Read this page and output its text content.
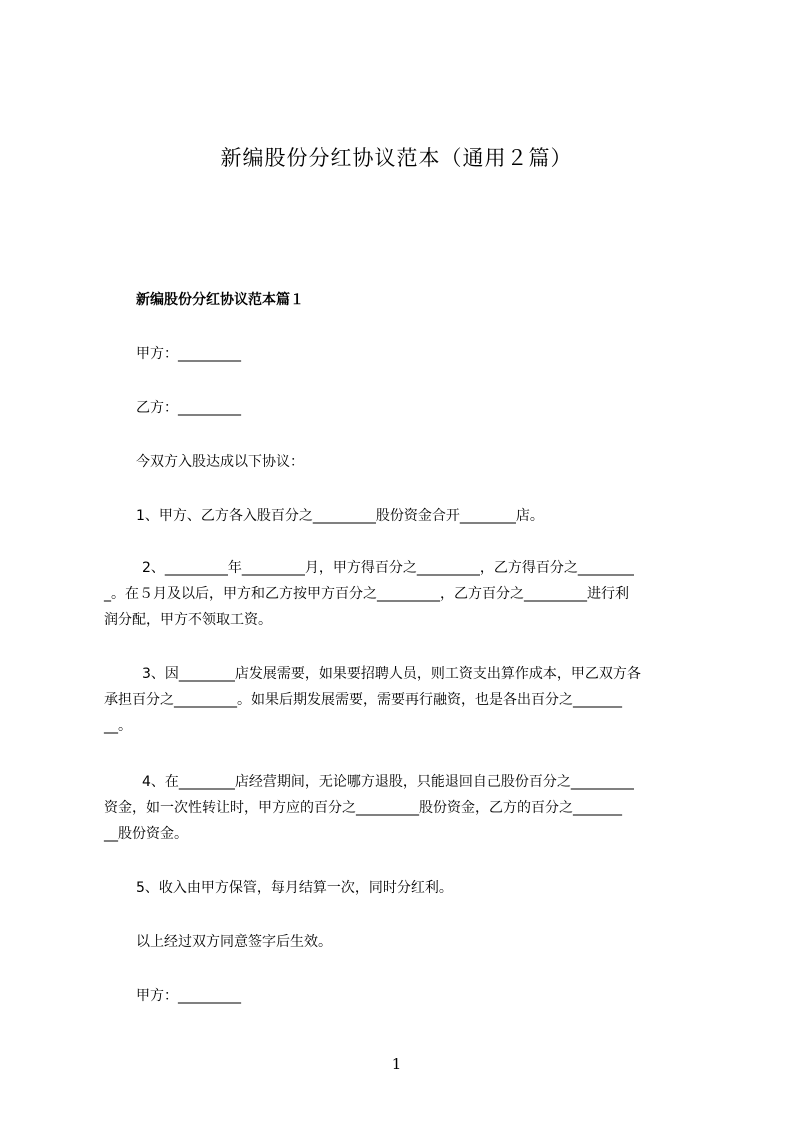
新编股份分红协议范本（通用２篇）
新编股份分红协议范本篇１
甲方：_________
乙方：_________
今双方入股达成以下协议：
1、甲方、乙方各入股百分之_________股份资金合开________店。
2、_________年_________月，甲方得百分之_________，乙方得百分之________
_。在５月及以后，甲方和乙方按甲方百分之_________，乙方百分之_________进行利
润分配，甲方不领取工资。
3、因________店发展需要，如果要招聘人员，则工资支出算作成本，甲乙双方各
承担百分之_________。如果后期发展需要，需要再行融资，也是各出百分之_______
__。
4、在________店经营期间，无论哪方退股，只能退回自己股份百分之_________
资金，如一次性转让时，甲方应的百分之_________股份资金，乙方的百分之_______
__股份资金。
5、收入由甲方保管，每月结算一次，同时分红利。
以上经过双方同意签字后生效。
甲方：_________
1
